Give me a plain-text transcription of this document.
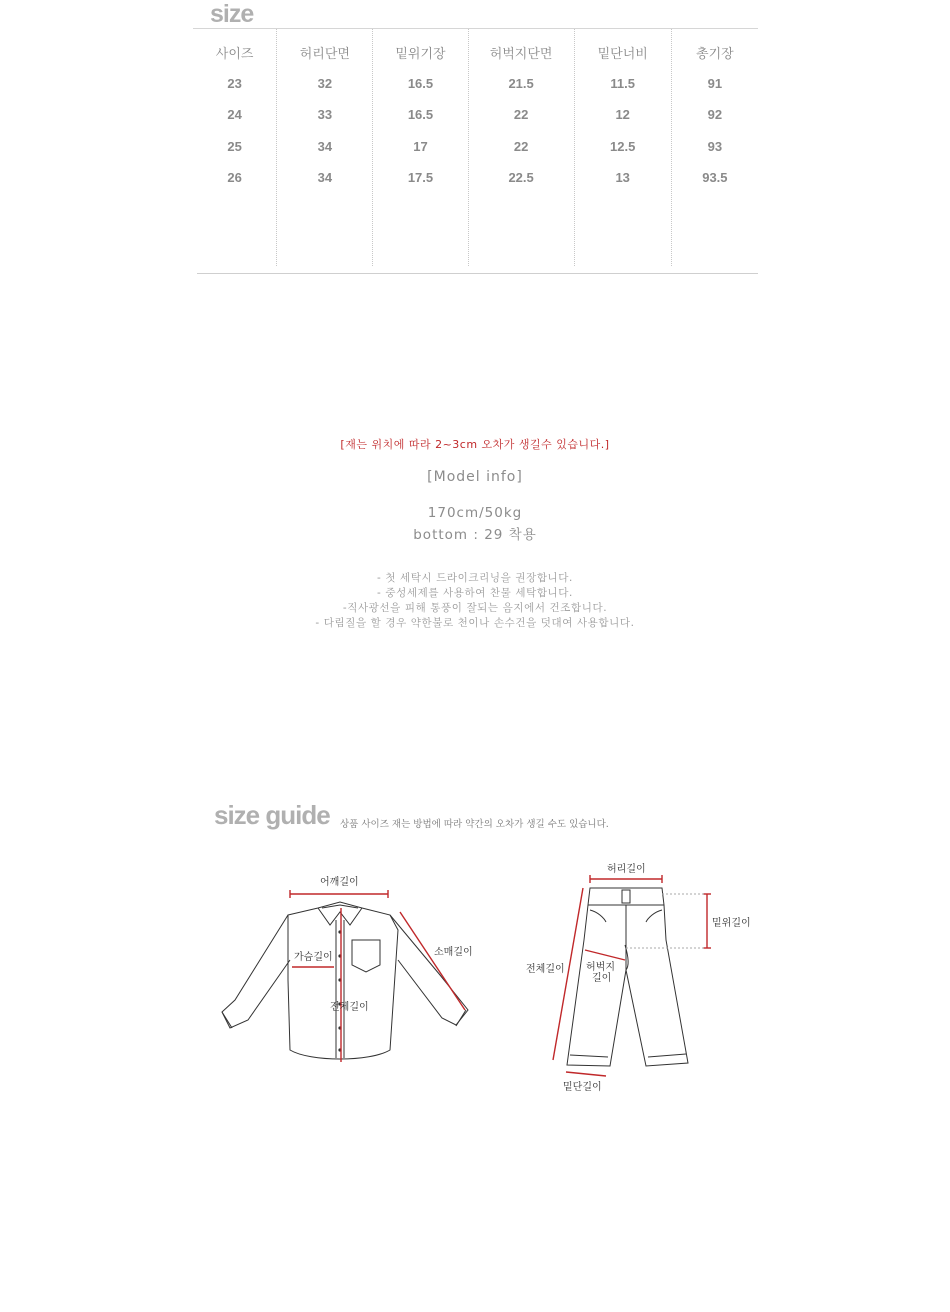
size
사이즈
23
24
25
26
허리단면
32
33
34
34
밑위기장
16.5
16.5
17
17.5
허벅지단면
21.5
22
22
22.5
밑단너비
11.5
12
12.5
13
총기장
91
92
93
93.5
[재는 위치에 따라 2~3cm 오차가 생길수 있습니다.]
[Model info]
170cm/50kg
bottom : 29 착용
- 첫 세탁시 드라이크리닝을 권장합니다.
- 중성세제를 사용하여 찬물 세탁합니다.
-직사광선을 피해 통풍이 잘되는 음지에서 건조합니다.
- 다림질을 할 경우 약한불로 천이나 손수건을 덧대여 사용합니다.
size guide 상품 사이즈 재는 방법에 따라 약간의 오차가 생길 수도 있습니다.
어깨길이
소매길이
가슴길이
전체길이
허리길이
밑위길이
전체길이 허벅지
길이
밑단길이
